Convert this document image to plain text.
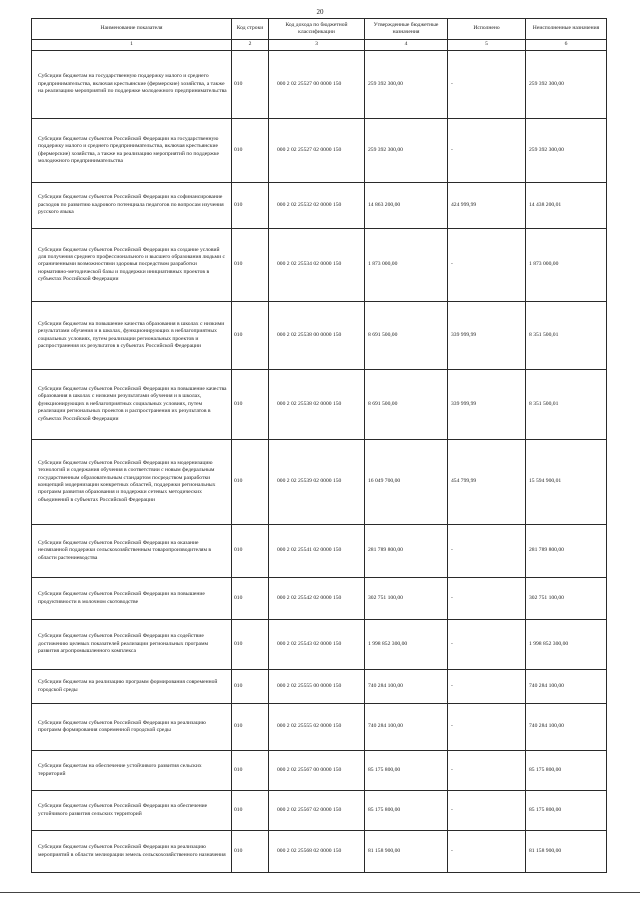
20
Наименование показателя	Код строки	Код дохода по бюджетной классификации	Утвержденные бюджетные назначения	Исполнено	Неисполненные назначения
1	2	3	4	5	6
Субсидии бюджетам на государственную поддержку малого и среднего предпринимательства, включая крестьянские (фермерские) хозяйства, а также на реализацию мероприятий по поддержке молодежного предпринимательства	010	000 2 02 25527 00 0000 150	259 392 300,00	-	259 392 300,00
Субсидии бюджетам субъектов Российской Федерации на государственную поддержку малого и среднего предпринимательства, включая крестьянские (фермерские) хозяйства, а также на реализацию мероприятий по поддержке молодежного предпринимательства	010	000 2 02 25527 02 0000 150	259 392 300,00	-	259 392 300,00
Субсидии бюджетам субъектов Российской Федерации на софинансирование расходов по развитию кадрового потенциала педагогов по вопросам изучения русского языка	010	000 2 02 25532 02 0000 150	14 863 200,00	424 999,99	14 438 200,01
Субсидии бюджетам субъектов Российской Федерации на создание условий для получения среднего профессионального и высшего образования людьми с ограниченными возможностями здоровья посредством разработки нормативно-методической базы и поддержки инициативных проектов в субъектах Российской Федерации	010	000 2 02 25534 02 0000 150	1 873 000,00	-	1 873 000,00
Субсидии бюджетам на повышение качества образования в школах с низкими результатами обучения и в школах, функционирующих в неблагоприятных социальных условиях, путем реализации региональных проектов и распространения их результатов в субъектах Российской Федерации	010	000 2 02 25538 00 0000 150	8 691 500,00	339 999,99	8 351 500,01
Субсидии бюджетам субъектов Российской Федерации на повышение качества образования в школах с низкими результатами обучения и в школах, функционирующих в неблагоприятных социальных условиях, путем реализации региональных проектов и распространения их результатов в субъектах Российской Федерации	010	000 2 02 25538 02 0000 150	8 691 500,00	339 999,99	8 351 500,01
Субсидии бюджетам субъектов Российской Федерации на модернизацию технологий и содержания обучения в соответствии с новым федеральным государственным образовательным стандартом посредством разработки концепций модернизации конкретных областей, поддержки региональных программ развития образования и поддержки сетевых методических объединений в субъектах Российской Федерации	010	000 2 02 25539 02 0000 150	16 049 700,00	454 799,99	15 594 900,01
Субсидии бюджетам субъектов Российской Федерации на оказание несвязанной поддержки сельскохозяйственным товаропроизводителям в области растениеводства	010	000 2 02 25541 02 0000 150	281 789 800,00	-	281 789 800,00
Субсидии бюджетам субъектов Российской Федерации на повышение продуктивности в молочном скотоводстве	010	000 2 02 25542 02 0000 150	302 751 100,00	-	302 751 100,00
Субсидии бюджетам субъектов Российской Федерации на содействие достижению целевых показателей реализации региональных программ развития агропромышленного комплекса	010	000 2 02 25543 02 0000 150	1 998 852 300,00	-	1 998 852 300,00
Субсидии бюджетам на реализацию программ формирования современной городской среды	010	000 2 02 25555 00 0000 150	740 284 100,00	-	740 284 100,00
Субсидии бюджетам субъектов Российской Федерации на реализацию программ формирования современной городской среды	010	000 2 02 25555 02 0000 150	740 284 100,00	-	740 284 100,00
Субсидии бюджетам на обеспечение устойчивого развития сельских территорий	010	000 2 02 25567 00 0000 150	85 175 800,00	-	85 175 800,00
Субсидии бюджетам субъектов Российской Федерации на обеспечение устойчивого развития сельских территорий	010	000 2 02 25567 02 0000 150	85 175 800,00	-	85 175 800,00
Субсидии бюджетам субъектов Российской Федерации на реализацию мероприятий в области мелиорации земель сельскохозяйственного назначения	010	000 2 02 25568 02 0000 150	81 158 900,00	-	81 158 900,00
